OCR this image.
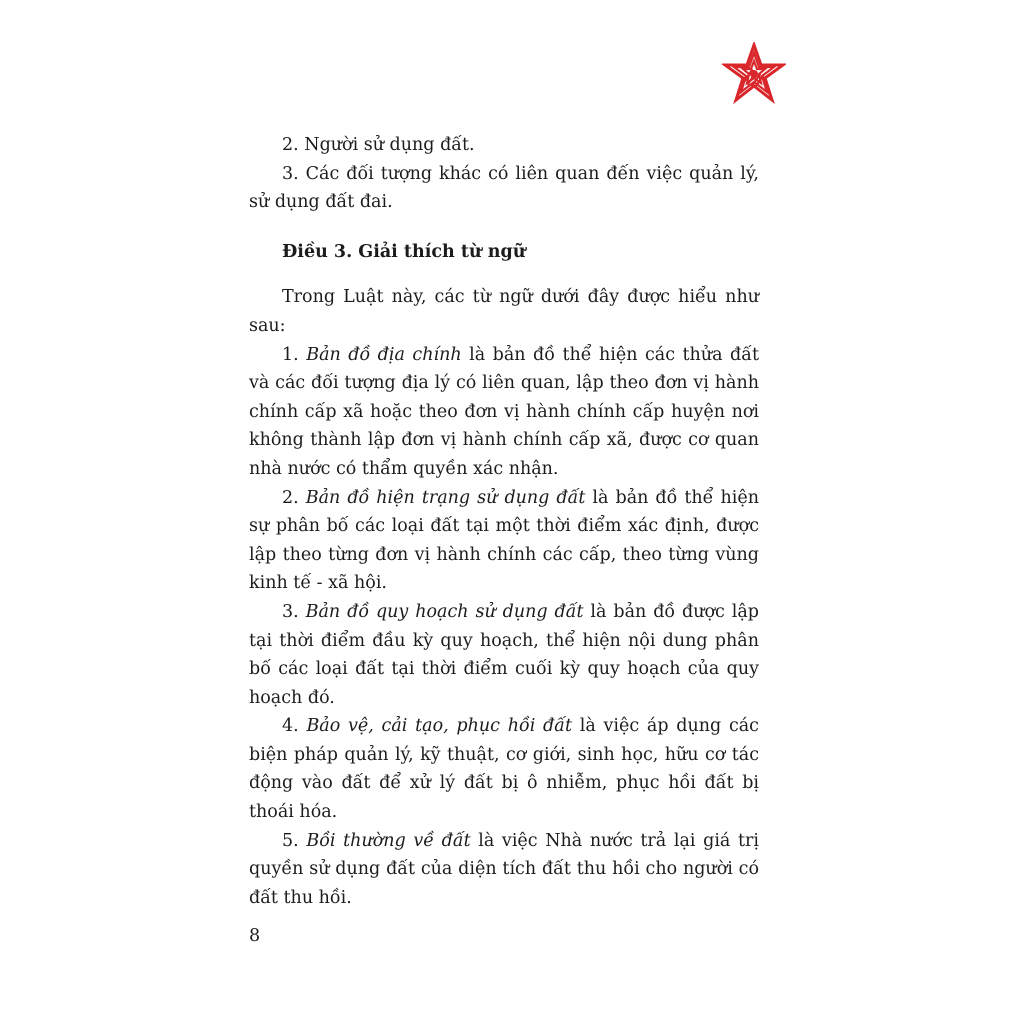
2. Người sử dụng đất.

3. Các đối tượng khác có liên quan đến việc quản lý, sử dụng đất đai.

Điều 3. Giải thích từ ngữ

Trong Luật này, các từ ngữ dưới đây được hiểu như sau:

1. Bản đồ địa chính là bản đồ thể hiện các thửa đất và các đối tượng địa lý có liên quan, lập theo đơn vị hành chính cấp xã hoặc theo đơn vị hành chính cấp huyện nơi không thành lập đơn vị hành chính cấp xã, được cơ quan nhà nước có thẩm quyền xác nhận.

2. Bản đồ hiện trạng sử dụng đất là bản đồ thể hiện sự phân bố các loại đất tại một thời điểm xác định, được lập theo từng đơn vị hành chính các cấp, theo từng vùng kinh tế - xã hội.

3. Bản đồ quy hoạch sử dụng đất là bản đồ được lập tại thời điểm đầu kỳ quy hoạch, thể hiện nội dung phân bố các loại đất tại thời điểm cuối kỳ quy hoạch của quy hoạch đó.

4. Bảo vệ, cải tạo, phục hồi đất là việc áp dụng các biện pháp quản lý, kỹ thuật, cơ giới, sinh học, hữu cơ tác động vào đất để xử lý đất bị ô nhiễm, phục hồi đất bị thoái hóa.

5. Bồi thường về đất là việc Nhà nước trả lại giá trị quyền sử dụng đất của diện tích đất thu hồi cho người có đất thu hồi.

8
